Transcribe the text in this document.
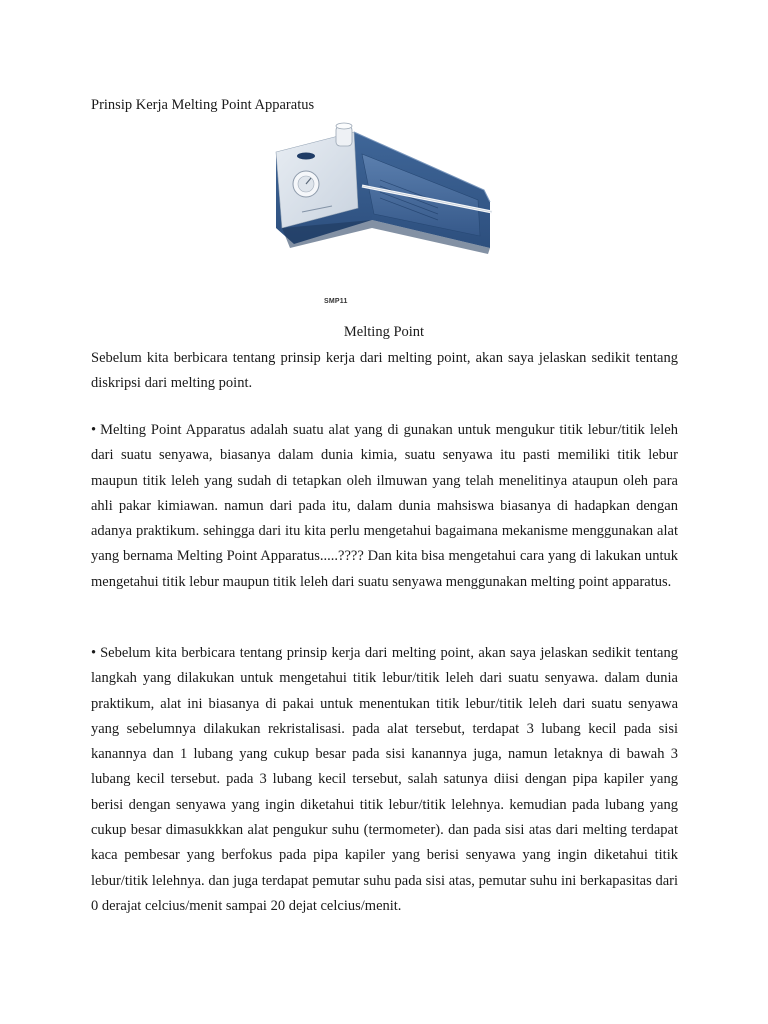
Prinsip Kerja Melting Point Apparatus
SMP11

Melting Point

Sebelum kita berbicara tentang prinsip kerja dari melting point, akan saya jelaskan sedikit tentang diskripsi dari melting point.

• Melting Point Apparatus adalah suatu alat yang di gunakan untuk mengukur titik lebur/titik leleh dari suatu senyawa, biasanya dalam dunia kimia, suatu senyawa itu pasti memiliki titik lebur maupun titik leleh yang sudah di tetapkan oleh ilmuwan yang telah menelitinya ataupun oleh para ahli pakar kimiawan. namun dari pada itu, dalam dunia mahsiswa biasanya di hadapkan dengan adanya praktikum. sehingga dari itu kita perlu mengetahui bagaimana mekanisme menggunakan alat yang bernama Melting Point Apparatus.....???? Dan kita bisa mengetahui cara yang di lakukan untuk mengetahui titik lebur maupun titik leleh dari suatu senyawa menggunakan melting point apparatus.

• Sebelum kita berbicara tentang prinsip kerja dari melting point, akan saya jelaskan sedikit tentang langkah yang dilakukan untuk mengetahui titik lebur/titik leleh dari suatu senyawa. dalam dunia praktikum, alat ini biasanya di pakai untuk menentukan titik lebur/titik leleh dari suatu senyawa yang sebelumnya dilakukan rekristalisasi. pada alat tersebut, terdapat 3 lubang kecil pada sisi kanannya dan 1 lubang yang cukup besar pada sisi kanannya juga, namun letaknya di bawah 3 lubang kecil tersebut. pada 3 lubang kecil tersebut, salah satunya diisi dengan pipa kapiler yang berisi dengan senyawa yang ingin diketahui titik lebur/titik lelehnya. kemudian pada lubang yang cukup besar dimasukkkan alat pengukur suhu (termometer). dan pada sisi atas dari melting terdapat kaca pembesar yang berfokus pada pipa kapiler yang berisi senyawa yang ingin diketahui titik lebur/titik lelehnya. dan juga terdapat pemutar suhu pada sisi atas, pemutar suhu ini berkapasitas dari 0 derajat celcius/menit sampai 20 dejat celcius/menit.
